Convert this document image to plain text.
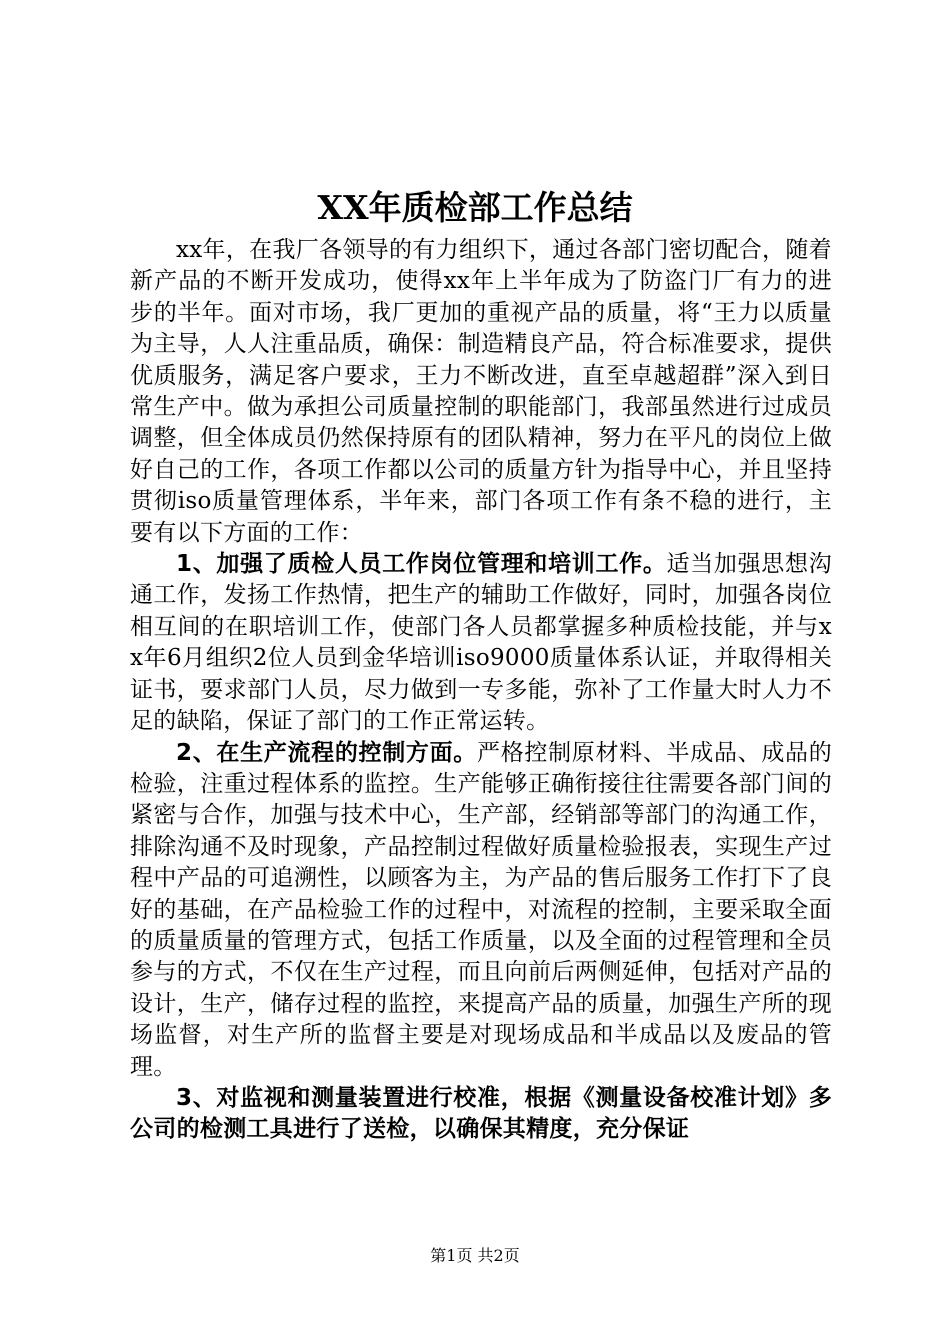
XX年质检部工作总结

xx年，在我厂各领导的有力组织下，通过各部门密切配合，随着新产品的不断开发成功，使得xx年上半年成为了防盗门厂有力的进步的半年。面对市场，我厂更加的重视产品的质量，将“王力以质量为主导，人人注重品质，确保：制造精良产品，符合标准要求，提供优质服务，满足客户要求，王力不断改进，直至卓越超群”深入到日常生产中。做为承担公司质量控制的职能部门，我部虽然进行过成员调整，但全体成员仍然保持原有的团队精神，努力在平凡的岗位上做好自己的工作，各项工作都以公司的质量方针为指导中心，并且坚持贯彻iso质量管理体系，半年来，部门各项工作有条不稳的进行，主要有以下方面的工作：

1、加强了质检人员工作岗位管理和培训工作。适当加强思想沟通工作，发扬工作热情，把生产的辅助工作做好，同时，加强各岗位相互间的在职培训工作，使部门各人员都掌握多种质检技能，并与xx年6月组织2位人员到金华培训iso9000质量体系认证，并取得相关证书，要求部门人员，尽力做到一专多能，弥补了工作量大时人力不足的缺陷，保证了部门的工作正常运转。

2、在生产流程的控制方面。严格控制原材料、半成品、成品的检验，注重过程体系的监控。生产能够正确衔接往往需要各部门间的紧密与合作，加强与技术中心，生产部，经销部等部门的沟通工作，排除沟通不及时现象，产品控制过程做好质量检验报表，实现生产过程中产品的可追溯性，以顾客为主，为产品的售后服务工作打下了良好的基础，在产品检验工作的过程中，对流程的控制，主要采取全面的质量质量的管理方式，包括工作质量，以及全面的过程管理和全员参与的方式，不仅在生产过程，而且向前后两侧延伸，包括对产品的设计，生产，储存过程的监控，来提高产品的质量，加强生产所的现场监督，对生产所的监督主要是对现场成品和半成品以及废品的管理。

3、对监视和测量装置进行校准，根据《测量设备校准计划》多公司的检测工具进行了送检，以确保其精度，充分保证

第1页 共2页
